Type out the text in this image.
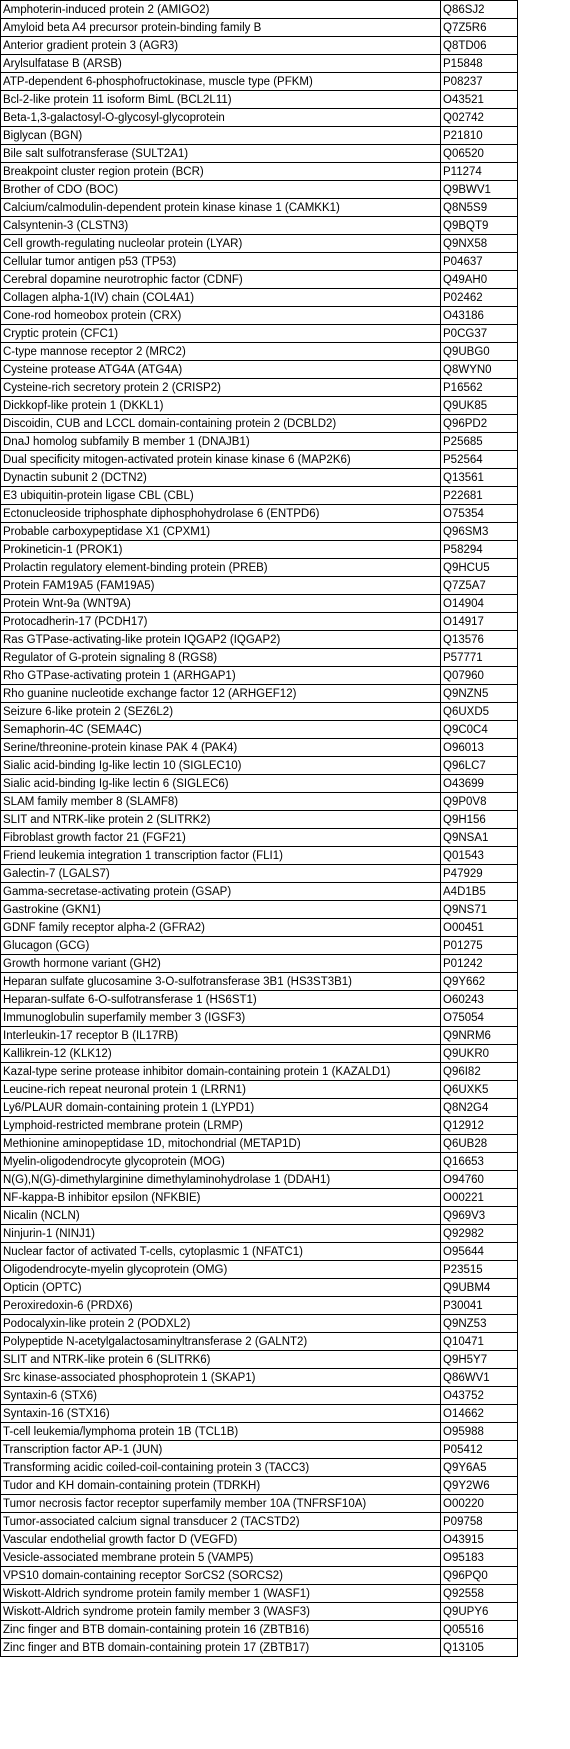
Amphoterin-induced protein 2 (AMIGO2)	Q86SJ2
Amyloid beta A4 precursor protein-binding family B	Q7Z5R6
Anterior gradient protein 3 (AGR3)	Q8TD06
Arylsulfatase B (ARSB)	P15848
ATP-dependent 6-phosphofructokinase, muscle type (PFKM)	P08237
Bcl-2-like protein 11 isoform BimL (BCL2L11)	O43521
Beta-1,3-galactosyl-O-glycosyl-glycoprotein	Q02742
Biglycan (BGN)	P21810
Bile salt sulfotransferase (SULT2A1)	Q06520
Breakpoint cluster region protein (BCR)	P11274
Brother of CDO (BOC)	Q9BWV1
Calcium/calmodulin-dependent protein kinase kinase 1 (CAMKK1)	Q8N5S9
Calsyntenin-3 (CLSTN3)	Q9BQT9
Cell growth-regulating nucleolar protein (LYAR)	Q9NX58
Cellular tumor antigen p53 (TP53)	P04637
Cerebral dopamine neurotrophic factor (CDNF)	Q49AH0
Collagen alpha-1(IV) chain (COL4A1)	P02462
Cone-rod homeobox protein (CRX)	O43186
Cryptic protein (CFC1)	P0CG37
C-type mannose receptor 2 (MRC2)	Q9UBG0
Cysteine protease ATG4A (ATG4A)	Q8WYN0
Cysteine-rich secretory protein 2 (CRISP2)	P16562
Dickkopf-like protein 1 (DKKL1)	Q9UK85
Discoidin, CUB and LCCL domain-containing protein 2 (DCBLD2)	Q96PD2
DnaJ homolog subfamily B member 1 (DNAJB1)	P25685
Dual specificity mitogen-activated protein kinase kinase 6 (MAP2K6)	P52564
Dynactin subunit 2 (DCTN2)	Q13561
E3 ubiquitin-protein ligase CBL (CBL)	P22681
Ectonucleoside triphosphate diphosphohydrolase 6 (ENTPD6)	O75354
Probable carboxypeptidase X1 (CPXM1)	Q96SM3
Prokineticin-1 (PROK1)	P58294
Prolactin regulatory element-binding protein (PREB)	Q9HCU5
Protein FAM19A5 (FAM19A5)	Q7Z5A7
Protein Wnt-9a (WNT9A)	O14904
Protocadherin-17 (PCDH17)	O14917
Ras GTPase-activating-like protein IQGAP2 (IQGAP2)	Q13576
Regulator of G-protein signaling 8 (RGS8)	P57771
Rho GTPase-activating protein 1 (ARHGAP1)	Q07960
Rho guanine nucleotide exchange factor 12 (ARHGEF12)	Q9NZN5
Seizure 6-like protein 2 (SEZ6L2)	Q6UXD5
Semaphorin-4C (SEMA4C)	Q9C0C4
Serine/threonine-protein kinase PAK 4 (PAK4)	O96013
Sialic acid-binding Ig-like lectin 10 (SIGLEC10)	Q96LC7
Sialic acid-binding Ig-like lectin 6 (SIGLEC6)	O43699
SLAM family member 8 (SLAMF8)	Q9P0V8
SLIT and NTRK-like protein 2 (SLITRK2)	Q9H156
Fibroblast growth factor 21 (FGF21)	Q9NSA1
Friend leukemia integration 1 transcription factor (FLI1)	Q01543
Galectin-7 (LGALS7)	P47929
Gamma-secretase-activating protein (GSAP)	A4D1B5
Gastrokine (GKN1)	Q9NS71
GDNF family receptor alpha-2 (GFRA2)	O00451
Glucagon (GCG)	P01275
Growth hormone variant (GH2)	P01242
Heparan sulfate glucosamine 3-O-sulfotransferase 3B1 (HS3ST3B1)	Q9Y662
Heparan-sulfate 6-O-sulfotransferase 1 (HS6ST1)	O60243
Immunoglobulin superfamily member 3 (IGSF3)	O75054
Interleukin-17 receptor B (IL17RB)	Q9NRM6
Kallikrein-12 (KLK12)	Q9UKR0
Kazal-type serine protease inhibitor domain-containing protein 1 (KAZALD1)	Q96I82
Leucine-rich repeat neuronal protein 1 (LRRN1)	Q6UXK5
Ly6/PLAUR domain-containing protein 1 (LYPD1)	Q8N2G4
Lymphoid-restricted membrane protein (LRMP)	Q12912
Methionine aminopeptidase 1D, mitochondrial (METAP1D)	Q6UB28
Myelin-oligodendrocyte glycoprotein (MOG)	Q16653
N(G),N(G)-dimethylarginine dimethylaminohydrolase 1 (DDAH1)	O94760
NF-kappa-B inhibitor epsilon (NFKBIE)	O00221
Nicalin (NCLN)	Q969V3
Ninjurin-1 (NINJ1)	Q92982
Nuclear factor of activated T-cells, cytoplasmic 1 (NFATC1)	O95644
Oligodendrocyte-myelin glycoprotein (OMG)	P23515
Opticin (OPTC)	Q9UBM4
Peroxiredoxin-6 (PRDX6)	P30041
Podocalyxin-like protein 2 (PODXL2)	Q9NZ53
Polypeptide N-acetylgalactosaminyltransferase 2 (GALNT2)	Q10471
SLIT and NTRK-like protein 6 (SLITRK6)	Q9H5Y7
Src kinase-associated phosphoprotein 1 (SKAP1)	Q86WV1
Syntaxin-6 (STX6)	O43752
Syntaxin-16 (STX16)	O14662
T-cell leukemia/lymphoma protein 1B (TCL1B)	O95988
Transcription factor AP-1 (JUN)	P05412
Transforming acidic coiled-coil-containing protein 3 (TACC3)	Q9Y6A5
Tudor and KH domain-containing protein (TDRKH)	Q9Y2W6
Tumor necrosis factor receptor superfamily member 10A (TNFRSF10A)	O00220
Tumor-associated calcium signal transducer 2 (TACSTD2)	P09758
Vascular endothelial growth factor D (VEGFD)	O43915
Vesicle-associated membrane protein 5 (VAMP5)	O95183
VPS10 domain-containing receptor SorCS2 (SORCS2)	Q96PQ0
Wiskott-Aldrich syndrome protein family member 1 (WASF1)	Q92558
Wiskott-Aldrich syndrome protein family member 3 (WASF3)	Q9UPY6
Zinc finger and BTB domain-containing protein 16 (ZBTB16)	Q05516
Zinc finger and BTB domain-containing protein 17 (ZBTB17)	Q13105
